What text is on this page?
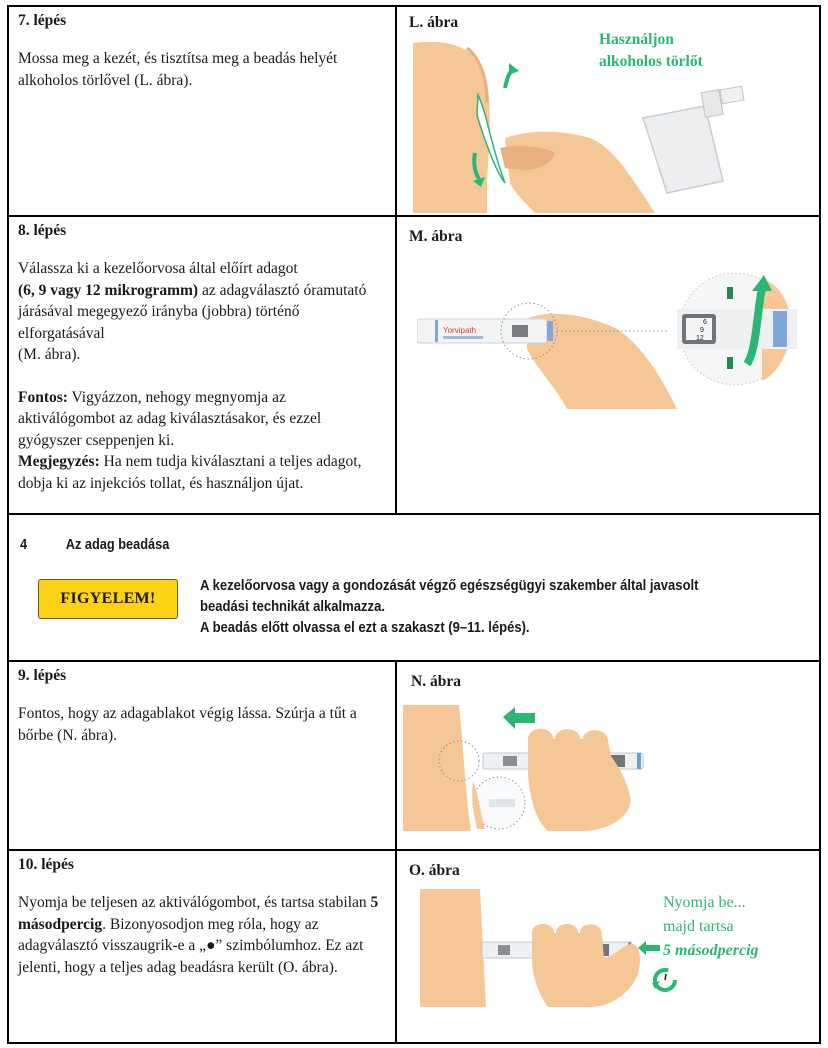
7. lépés

Mossa meg a kezét, és tisztítsa meg a beadás helyét alkoholos törlővel (L. ábra).

L. ábra

Használjon
alkoholos törlőt

8. lépés

Válassza ki a kezelőorvosa által előírt adagot
(6, 9 vagy 12 mikrogramm) az adagválasztó óramutató járásával megegyező irányba (jobbra) történő elforgatásával
(M. ábra).

Fontos: Vigyázzon, nehogy megnyomja az aktiválógombot az adag kiválasztásakor, és ezzel gyógyszer cseppenjen ki.
Megjegyzés: Ha nem tudja kiválasztani a teljes adagot, dobja ki az injekciós tollat, és használjon újat.

M. ábra

Yorvipath
6
9
12
4	Az adag beadása
FIGYELEM!
A kezelőorvosa vagy a gondozását végző egészségügyi szakember által javasolt
beadási technikát alkalmazza.
A beadás előtt olvassa el ezt a szakaszt (9–11. lépés).

9. lépés

Fontos, hogy az adagablakot végig lássa. Szúrja a tűt a bőrbe (N. ábra).

N. ábra

10. lépés

Nyomja be teljesen az aktiválógombot, és tartsa stabilan 5 másodpercig. Bizonyosodjon meg róla, hogy az adagválasztó visszaugrik-e a „●” szimbólumhoz. Ez azt jelenti, hogy a teljes adag beadásra került (O. ábra).

O. ábra

Nyomja be...
majd tartsa
5 másodpercig
